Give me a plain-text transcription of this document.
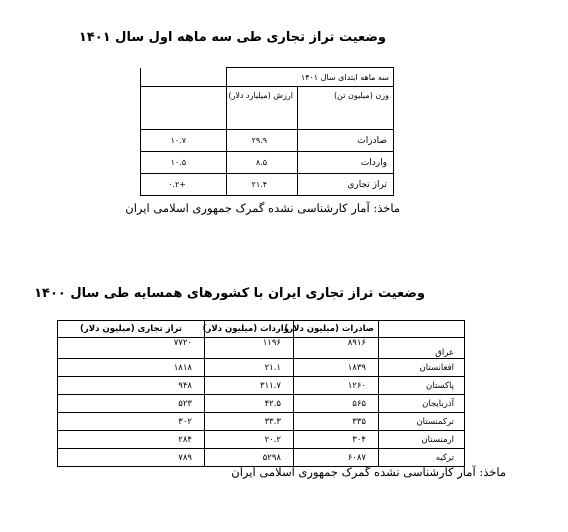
وضعیت تراز تجاری طی سه ماهه اول سال ۱۴۰۱
سه ماهه ابتدای سال ۱۴۰۱		
وزن (میلیون تن)	ارزش (میلیارد دلار)	
صادرات	۲۹.۹	۱۰.۷
واردات	۸.۵	۱۰.۵
تراز تجاری	۲۱.۴	+۰.۲
ماخذ: آمار کارشناسی نشده گمرک جمهوری اسلامی ایران
وضعیت تراز تجاری ایران با کشورهای همسایه طی سال ۱۴۰۰
	صادرات (میلیون دلار)	واردات (میلیون دلار)	تراز تجاری (میلیون دلار)
عراق	۸۹۱۶	۱۱۹۶	۷۷۲۰
افغانستان	۱۸۳۹	۲۱.۱	۱۸۱۸
پاکستان	۱۲۶۰	۳۱۱.۷	۹۴۸
آذربایجان	۵۶۵	۴۲.۵	۵۲۳
ترکمنستان	۳۳۵	۳۳.۳	۳۰۲
ارمنستان	۳۰۴	۲۰.۲	۲۸۴
ترکیه	۶۰۸۷	۵۲۹۸	۷۸۹
ماخذ: آمار کارشناسی نشده گمرک جمهوری اسلامی ایران
